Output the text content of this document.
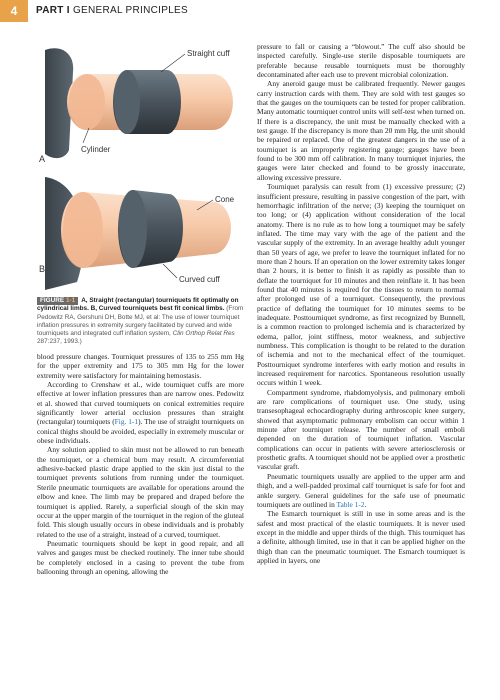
4	PART I GENERAL PRINCIPLES
Straight cuff
Cylinder
A
Cone
Curved cuff
B
FIGURE 1-1 A, Straight (rectangular) tourniquets fit optimally on cylindrical limbs. B, Curved tourniquets best fit conical limbs. (From Pedowitz RA, Gershuni DH, Botte MJ, et al: The use of lower tourniquet inflation pressures in extremity surgery facilitated by curved and wide tourniquets and integrated cuff inflation system, Clin Orthop Relat Res 287:237, 1993.)

blood pressure changes. Tourniquet pressures of 135 to 255 mm Hg for the upper extremity and 175 to 305 mm Hg for the lower extremity were satisfactory for maintaining hemostasis.

According to Crenshaw et al., wide tourniquet cuffs are more effective at lower inflation pressures than are narrow ones. Pedowitz et al. showed that curved tourniquets on conical extremities require significantly lower arterial occlusion pressures than straight (rectangular) tourniquets (Fig. 1-1). The use of straight tourniquets on conical thighs should be avoided, especially in extremely muscular or obese individuals.

Any solution applied to skin must not be allowed to run beneath the tourniquet, or a chemical burn may result. A circumferential adhesive-backed plastic drape applied to the skin just distal to the tourniquet prevents solutions from running under the tourniquet. Sterile pneumatic tourniquets are available for operations around the elbow and knee. The limb may be prepared and draped before the tourniquet is applied. Rarely, a superficial slough of the skin may occur at the upper margin of the tourniquet in the region of the gluteal fold. This slough usually occurs in obese individuals and is probably related to the use of a straight, instead of a curved, tourniquet.

Pneumatic tourniquets should be kept in good repair, and all valves and gauges must be checked routinely. The inner tube should be completely enclosed in a casing to prevent the tube from ballooning through an opening, allowing the

pressure to fall or causing a “blowout.” The cuff also should be inspected carefully. Single-use sterile disposable tourniquets are preferable because reusable tourniquets must be thoroughly decontaminated after each use to prevent microbial colonization.

Any aneroid gauge must be calibrated frequently. Newer gauges carry instruction cards with them. They are sold with test gauges so that the gauges on the tourniquets can be tested for proper calibration. Many automatic tourniquet control units will self-test when turned on. If there is a discrepancy, the unit must be manually checked with a test gauge. If the discrepancy is more than 20 mm Hg, the unit should be repaired or replaced. One of the greatest dangers in the use of a tourniquet is an improperly registering gauge; gauges have been found to be 300 mm off calibration. In many tourniquet injuries, the gauges were later checked and found to be grossly inaccurate, allowing excessive pressure.

Tourniquet paralysis can result from (1) excessive pressure; (2) insufficient pressure, resulting in passive congestion of the part, with hemorrhagic infiltration of the nerve; (3) keeping the tourniquet on too long; or (4) application without consideration of the local anatomy. There is no rule as to how long a tourniquet may be safely inflated. The time may vary with the age of the patient and the vascular supply of the extremity. In an average healthy adult younger than 50 years of age, we prefer to leave the tourniquet inflated for no more than 2 hours. If an operation on the lower extremity takes longer than 2 hours, it is better to finish it as rapidly as possible than to deflate the tourniquet for 10 minutes and then reinflate it. It has been found that 40 minutes is required for the tissues to return to normal after prolonged use of a tourniquet. Consequently, the previous practice of deflating the tourniquet for 10 minutes seems to be inadequate. Posttourniquet syndrome, as first recognized by Bunnell, is a common reaction to prolonged ischemia and is characterized by edema, pallor, joint stiffness, motor weakness, and subjective numbness. This complication is thought to be related to the duration of ischemia and not to the mechanical effect of the tourniquet. Posttourniquet syndrome interferes with early motion and results in increased requirement for narcotics. Spontaneous resolution usually occurs within 1 week.

Compartment syndrome, rhabdomyolysis, and pulmonary emboli are rare complications of tourniquet use. One study, using transesophageal echocardiography during arthroscopic knee surgery, showed that asymptomatic pulmonary embolism can occur within 1 minute after tourniquet release. The number of small emboli depended on the duration of tourniquet inflation. Vascular complications can occur in patients with severe arteriosclerosis or prosthetic grafts. A tourniquet should not be applied over a prosthetic vascular graft.

Pneumatic tourniquets usually are applied to the upper arm and thigh, and a well-padded proximal calf tourniquet is safe for foot and ankle surgery. General guidelines for the safe use of pneumatic tourniquets are outlined in Table 1-2.

The Esmarch tourniquet is still in use in some areas and is the safest and most practical of the elastic tourniquets. It is never used except in the middle and upper thirds of the thigh. This tourniquet has a definite, although limited, use in that it can be applied higher on the thigh than can the pneumatic tourniquet. The Esmarch tourniquet is applied in layers, one
